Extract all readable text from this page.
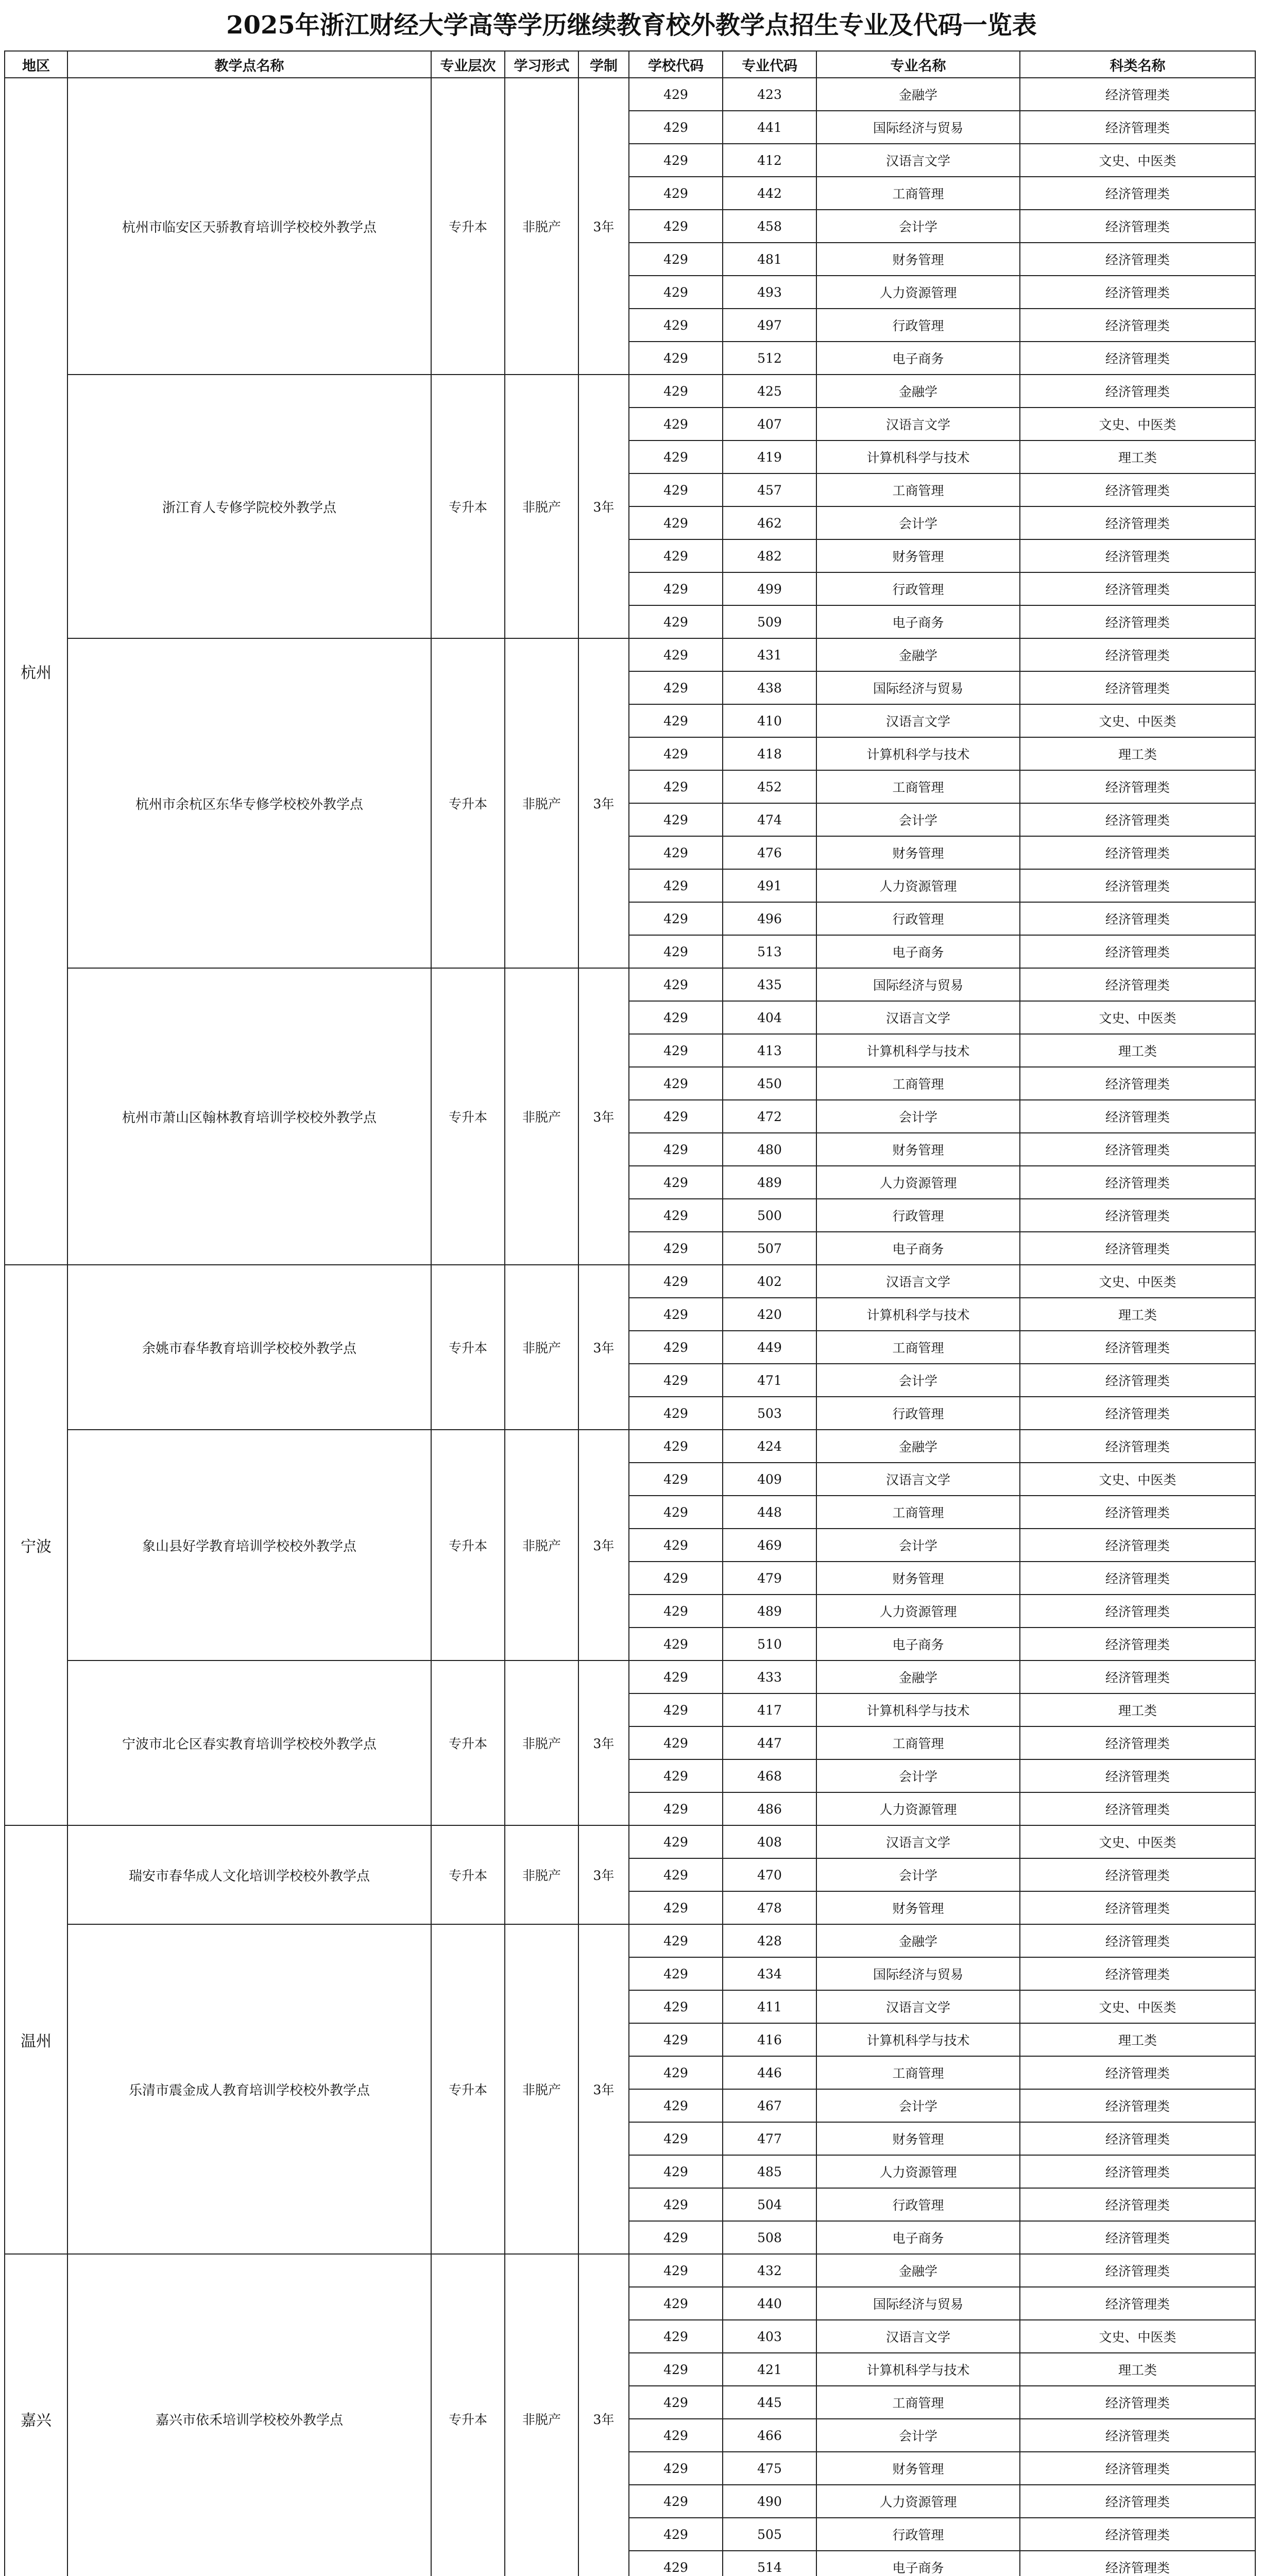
2025年浙江财经大学高等学历继续教育校外教学点招生专业及代码一览表
地区	教学点名称	专业层次	学习形式	学制	学校代码	专业代码	专业名称	科类名称
杭州	杭州市临安区天骄教育培训学校校外教学点	专升本	非脱产	3年	429	423	金融学	经济管理类
					429	441	国际经济与贸易	经济管理类
					429	412	汉语言文学	文史、中医类
					429	442	工商管理	经济管理类
					429	458	会计学	经济管理类
					429	481	财务管理	经济管理类
					429	493	人力资源管理	经济管理类
					429	497	行政管理	经济管理类
					429	512	电子商务	经济管理类
	浙江育人专修学院校外教学点	专升本	非脱产	3年	429	425	金融学	经济管理类
					429	407	汉语言文学	文史、中医类
					429	419	计算机科学与技术	理工类
					429	457	工商管理	经济管理类
					429	462	会计学	经济管理类
					429	482	财务管理	经济管理类
					429	499	行政管理	经济管理类
					429	509	电子商务	经济管理类
	杭州市余杭区东华专修学校校外教学点	专升本	非脱产	3年	429	431	金融学	经济管理类
					429	438	国际经济与贸易	经济管理类
					429	410	汉语言文学	文史、中医类
					429	418	计算机科学与技术	理工类
					429	452	工商管理	经济管理类
					429	474	会计学	经济管理类
					429	476	财务管理	经济管理类
					429	491	人力资源管理	经济管理类
					429	496	行政管理	经济管理类
					429	513	电子商务	经济管理类
	杭州市萧山区翰林教育培训学校校外教学点	专升本	非脱产	3年	429	435	国际经济与贸易	经济管理类
					429	404	汉语言文学	文史、中医类
					429	413	计算机科学与技术	理工类
					429	450	工商管理	经济管理类
					429	472	会计学	经济管理类
					429	480	财务管理	经济管理类
					429	489	人力资源管理	经济管理类
					429	500	行政管理	经济管理类
					429	507	电子商务	经济管理类
宁波	余姚市春华教育培训学校校外教学点	专升本	非脱产	3年	429	402	汉语言文学	文史、中医类
					429	420	计算机科学与技术	理工类
					429	449	工商管理	经济管理类
					429	471	会计学	经济管理类
					429	503	行政管理	经济管理类
	象山县好学教育培训学校校外教学点	专升本	非脱产	3年	429	424	金融学	经济管理类
					429	409	汉语言文学	文史、中医类
					429	448	工商管理	经济管理类
					429	469	会计学	经济管理类
					429	479	财务管理	经济管理类
					429	489	人力资源管理	经济管理类
					429	510	电子商务	经济管理类
	宁波市北仑区春实教育培训学校校外教学点	专升本	非脱产	3年	429	433	金融学	经济管理类
					429	417	计算机科学与技术	理工类
					429	447	工商管理	经济管理类
					429	468	会计学	经济管理类
					429	486	人力资源管理	经济管理类
温州	瑞安市春华成人文化培训学校校外教学点	专升本	非脱产	3年	429	408	汉语言文学	文史、中医类
					429	470	会计学	经济管理类
					429	478	财务管理	经济管理类
	乐清市震金成人教育培训学校校外教学点	专升本	非脱产	3年	429	428	金融学	经济管理类
					429	434	国际经济与贸易	经济管理类
					429	411	汉语言文学	文史、中医类
					429	416	计算机科学与技术	理工类
					429	446	工商管理	经济管理类
					429	467	会计学	经济管理类
					429	477	财务管理	经济管理类
					429	485	人力资源管理	经济管理类
					429	504	行政管理	经济管理类
					429	508	电子商务	经济管理类
嘉兴	嘉兴市依禾培训学校校外教学点	专升本	非脱产	3年	429	432	金融学	经济管理类
					429	440	国际经济与贸易	经济管理类
					429	403	汉语言文学	文史、中医类
					429	421	计算机科学与技术	理工类
					429	445	工商管理	经济管理类
					429	466	会计学	经济管理类
					429	475	财务管理	经济管理类
					429	490	人力资源管理	经济管理类
					429	505	行政管理	经济管理类
					429	514	电子商务	经济管理类
